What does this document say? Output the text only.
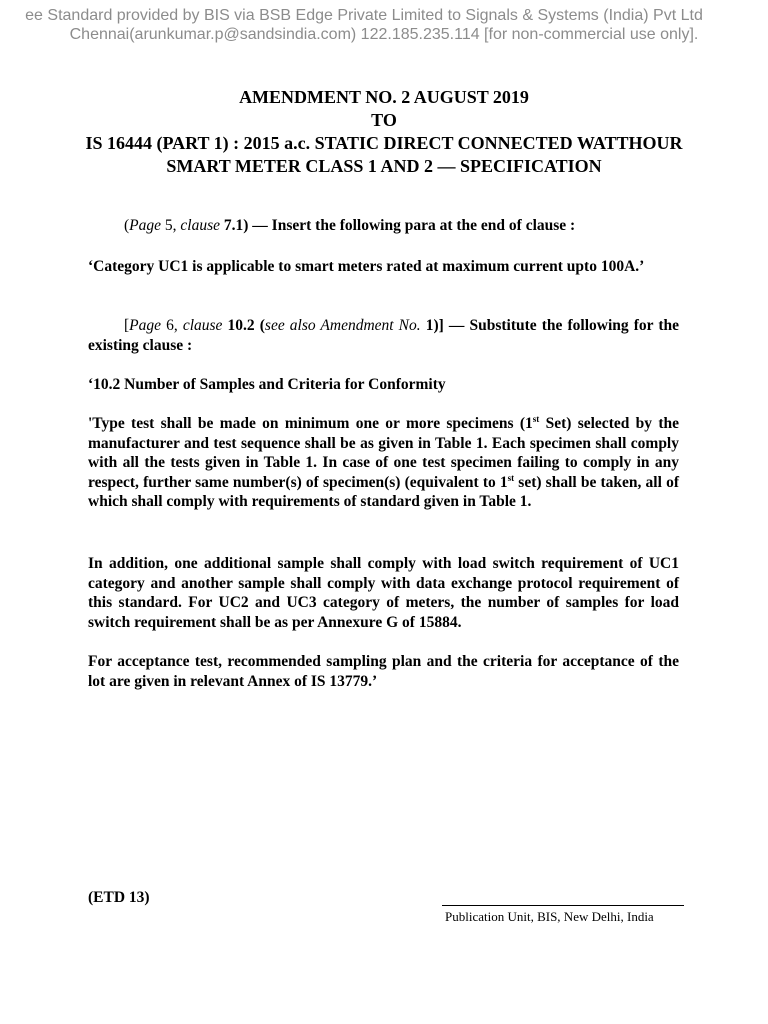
ee Standard provided by BIS via BSB Edge Private Limited to Signals & Systems (India) Pvt Ltd
Chennai(arunkumar.p@sandsindia.com) 122.185.235.114 [for non-commercial use only].
AMENDMENT NO. 2 AUGUST 2019
TO
IS 16444 (PART 1) : 2015 a.c. STATIC DIRECT CONNECTED WATTHOUR SMART METER CLASS 1 AND 2 — SPECIFICATION
(Page 5, clause 7.1) — Insert the following para at the end of clause :
‘Category UC1 is applicable to smart meters rated at maximum current upto 100A.’
[Page 6, clause 10.2 (see also Amendment No. 1)] — Substitute the following for the existing clause :
‘10.2 Number of Samples and Criteria for Conformity
'Type test shall be made on minimum one or more specimens (1st Set) selected by the manufacturer and test sequence shall be as given in Table 1. Each specimen shall comply with all the tests given in Table 1. In case of one test specimen failing to comply in any respect, further same number(s) of specimen(s) (equivalent to 1st set) shall be taken, all of which shall comply with requirements of standard given in Table 1.
In addition, one additional sample shall comply with load switch requirement of UC1 category and another sample shall comply with data exchange protocol requirement of this standard. For UC2 and UC3 category of meters, the number of samples for load switch requirement shall be as per Annexure G of 15884.
For acceptance test, recommended sampling plan and the criteria for acceptance of the lot are given in relevant Annex of IS 13779.’
(ETD 13)
Publication Unit, BIS, New Delhi, India
